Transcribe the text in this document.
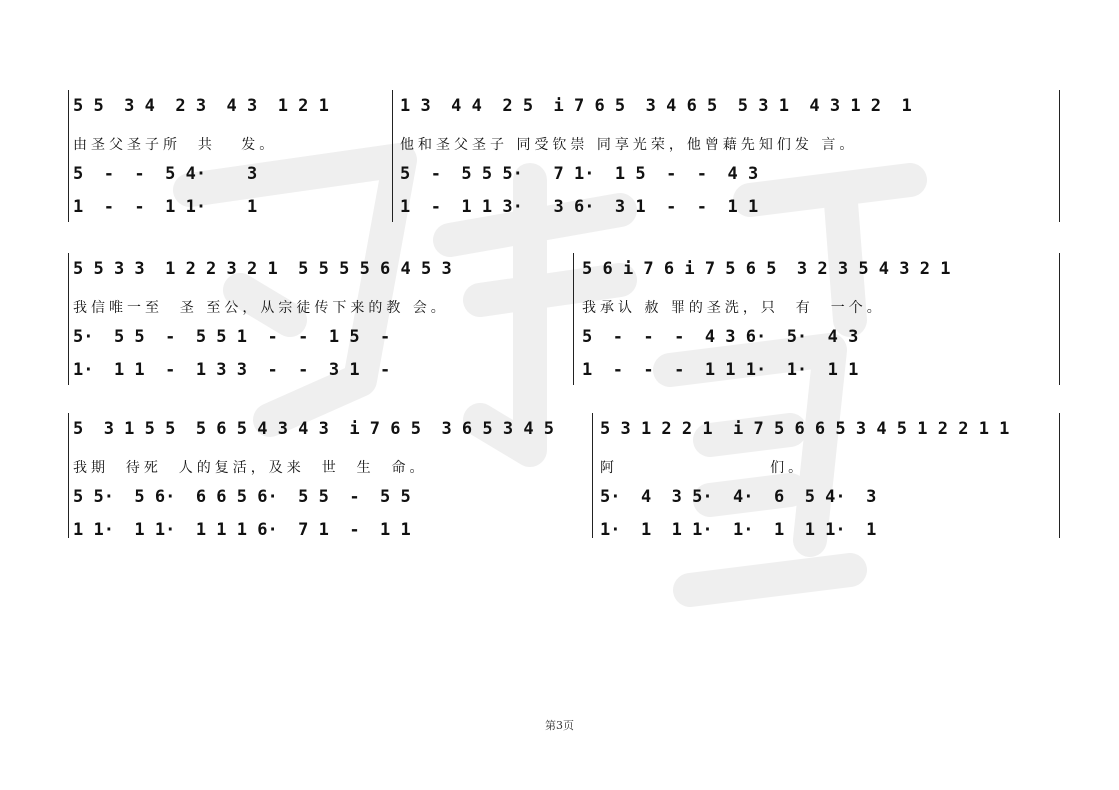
5 5  3 4  2 3  4 3  1 2 1	1 3  4 4  2 5  i 7 6 5  3 4 6 5  5 3 1  4 3 1 2  1
由圣父圣子所  共   发。	他和圣父圣子 同受钦崇 同享光荣，他曾藉先知们发 言。
5  -  -  5 4·    3	5  -  5 5 5·   7 1·  1 5  -  -  4 3
1  -  -  1 1·    1	1  -  1 1 3·   3 6·  3 1  -  -  1 1
5 5 3 3  1 2 2 3 2 1  5 5 5 5 6 4 5 3	5 6 i 7 6 i 7 5 6 5  3 2 3 5 4 3 2 1
我信唯一至  圣 至公，从宗徒传下来的教 会。	我承认 赦 罪的圣洗，只  有  一个。
5·  5 5  -  5 5 1  -  -  1 5  -	5  -  -  -  4 3 6·  5·  4 3
1·  1 1  -  1 3 3  -  -  3 1  -	1  -  -  -  1 1 1·  1·  1 1
5  3 1 5 5  5 6 5 4 3 4 3  i 7 6 5  3 6 5 3 4 5	5 3 1 2 2 1  i 7 5 6 6 5 3 4 5 1 2 2 1 1
我期  待死  人的复活，及来  世  生  命。	阿                  们。
5 5·  5 6·  6 6 5 6·  5 5  -  5 5	5·  4  3 5·  4·  6  5 4·  3
1 1·  1 1·  1 1 1 6·  7 1  -  1 1	1·  1  1 1·  1·  1  1 1·  1
第3页
